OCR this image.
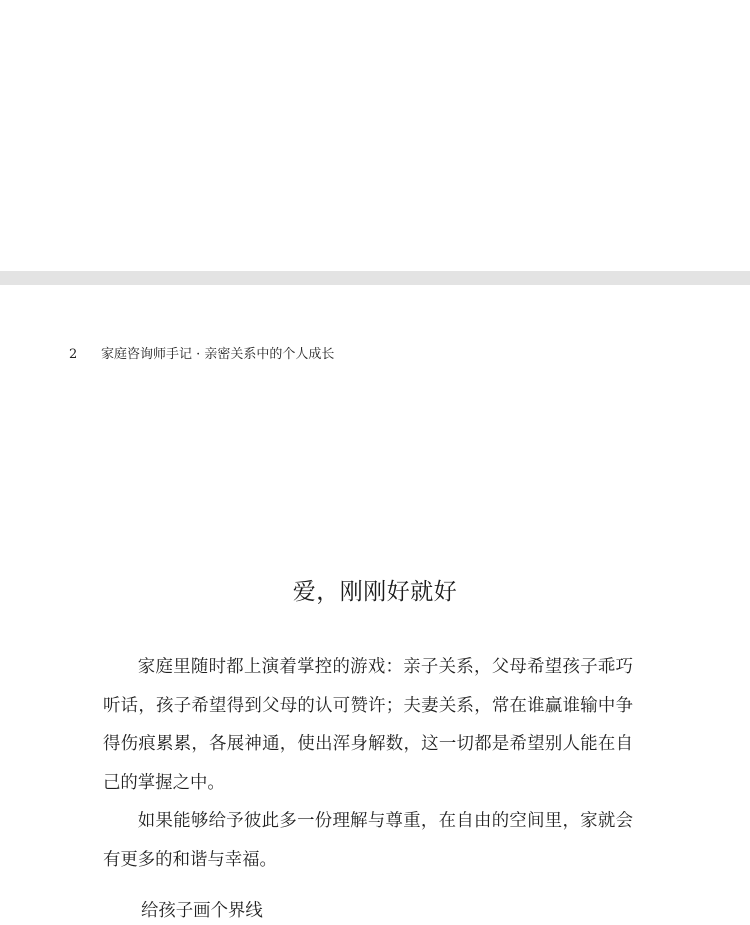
2 家庭咨询师手记 · 亲密关系中的个人成长
爱，刚刚好就好

家庭里随时都上演着掌控的游戏：亲子关系，父母希望孩子乖巧听话，孩子希望得到父母的认可赞许；夫妻关系，常在谁赢谁输中争得伤痕累累，各展神通，使出浑身解数，这一切都是希望别人能在自己的掌握之中。

如果能够给予彼此多一份理解与尊重，在自由的空间里，家就会有更多的和谐与幸福。

给孩子画个界线
